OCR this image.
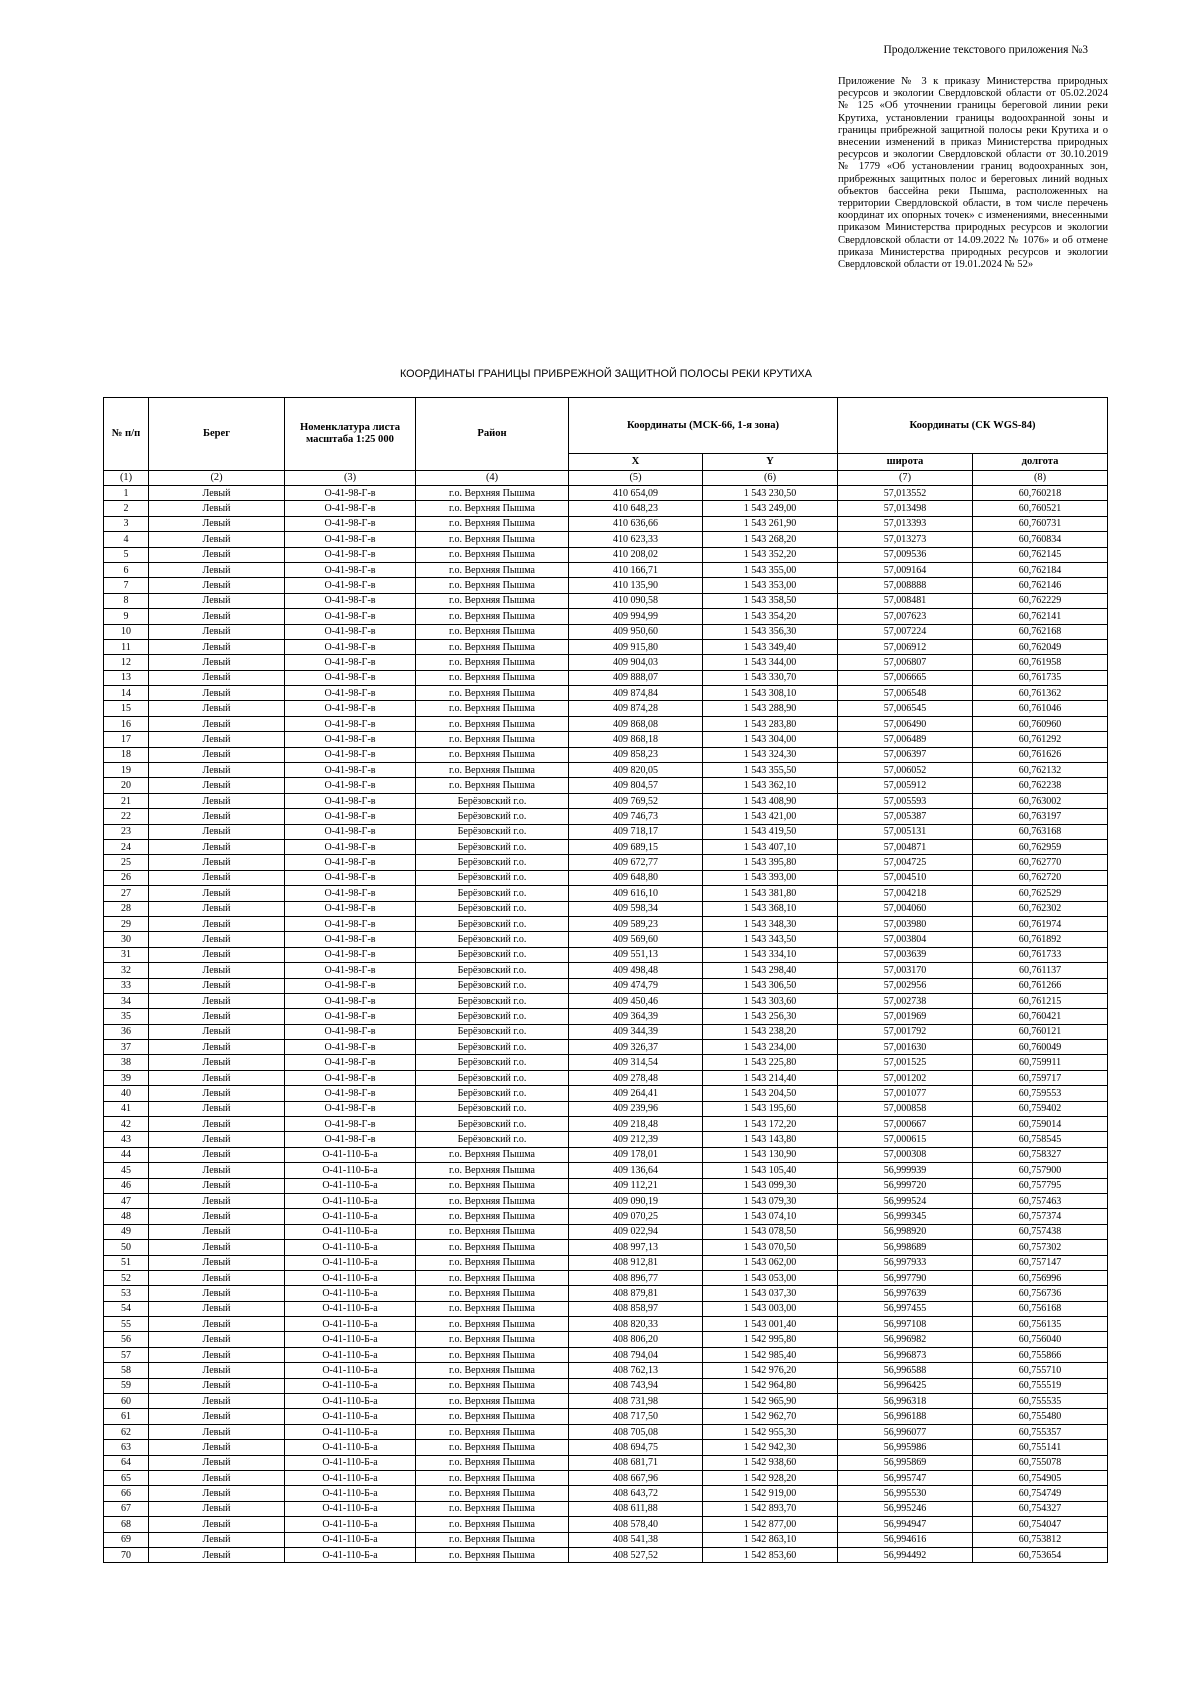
Продолжение текстового приложения №3
Приложение № 3 к приказу Министерства природных ресурсов и экологии Свердловской области от 05.02.2024 № 125 «Об уточнении границы береговой линии реки Крутиха, установлении границы водоохранной зоны и границы прибрежной защитной полосы реки Крутиха и о внесении изменений в приказ Министерства природных ресурсов и экологии Свердловской области от 30.10.2019 № 1779 «Об установлении границ водоохранных зон, прибрежных защитных полос и береговых линий водных объектов бассейна реки Пышма, расположенных на территории Свердловской области, в том числе перечень координат их опорных точек» с изменениями, внесенными приказом Министерства природных ресурсов и экологии Свердловской области от 14.09.2022 № 1076» и об отмене приказа Министерства природных ресурсов и экологии Свердловской области от 19.01.2024 № 52»
КООРДИНАТЫ ГРАНИЦЫ ПРИБРЕЖНОЙ ЗАЩИТНОЙ ПОЛОСЫ РЕКИ КРУТИХА
№ п/п	Берег	Номенклатура листа масштаба 1:25 000	Район	Координаты (МСК-66, 1-я зона)		Координаты (СК WGS-84)	
				X	Y	широта	долгота
(1)	(2)	(3)	(4)	(5)	(6)	(7)	(8)
1	Левый	О-41-98-Г-в	г.о. Верхняя Пышма	410 654,09	1 543 230,50	57,013552	60,760218
2	Левый	О-41-98-Г-в	г.о. Верхняя Пышма	410 648,23	1 543 249,00	57,013498	60,760521
3	Левый	О-41-98-Г-в	г.о. Верхняя Пышма	410 636,66	1 543 261,90	57,013393	60,760731
4	Левый	О-41-98-Г-в	г.о. Верхняя Пышма	410 623,33	1 543 268,20	57,013273	60,760834
5	Левый	О-41-98-Г-в	г.о. Верхняя Пышма	410 208,02	1 543 352,20	57,009536	60,762145
6	Левый	О-41-98-Г-в	г.о. Верхняя Пышма	410 166,71	1 543 355,00	57,009164	60,762184
7	Левый	О-41-98-Г-в	г.о. Верхняя Пышма	410 135,90	1 543 353,00	57,008888	60,762146
8	Левый	О-41-98-Г-в	г.о. Верхняя Пышма	410 090,58	1 543 358,50	57,008481	60,762229
9	Левый	О-41-98-Г-в	г.о. Верхняя Пышма	409 994,99	1 543 354,20	57,007623	60,762141
10	Левый	О-41-98-Г-в	г.о. Верхняя Пышма	409 950,60	1 543 356,30	57,007224	60,762168
11	Левый	О-41-98-Г-в	г.о. Верхняя Пышма	409 915,80	1 543 349,40	57,006912	60,762049
12	Левый	О-41-98-Г-в	г.о. Верхняя Пышма	409 904,03	1 543 344,00	57,006807	60,761958
13	Левый	О-41-98-Г-в	г.о. Верхняя Пышма	409 888,07	1 543 330,70	57,006665	60,761735
14	Левый	О-41-98-Г-в	г.о. Верхняя Пышма	409 874,84	1 543 308,10	57,006548	60,761362
15	Левый	О-41-98-Г-в	г.о. Верхняя Пышма	409 874,28	1 543 288,90	57,006545	60,761046
16	Левый	О-41-98-Г-в	г.о. Верхняя Пышма	409 868,08	1 543 283,80	57,006490	60,760960
17	Левый	О-41-98-Г-в	г.о. Верхняя Пышма	409 868,18	1 543 304,00	57,006489	60,761292
18	Левый	О-41-98-Г-в	г.о. Верхняя Пышма	409 858,23	1 543 324,30	57,006397	60,761626
19	Левый	О-41-98-Г-в	г.о. Верхняя Пышма	409 820,05	1 543 355,50	57,006052	60,762132
20	Левый	О-41-98-Г-в	г.о. Верхняя Пышма	409 804,57	1 543 362,10	57,005912	60,762238
21	Левый	О-41-98-Г-в	Берёзовский г.о.	409 769,52	1 543 408,90	57,005593	60,763002
22	Левый	О-41-98-Г-в	Берёзовский г.о.	409 746,73	1 543 421,00	57,005387	60,763197
23	Левый	О-41-98-Г-в	Берёзовский г.о.	409 718,17	1 543 419,50	57,005131	60,763168
24	Левый	О-41-98-Г-в	Берёзовский г.о.	409 689,15	1 543 407,10	57,004871	60,762959
25	Левый	О-41-98-Г-в	Берёзовский г.о.	409 672,77	1 543 395,80	57,004725	60,762770
26	Левый	О-41-98-Г-в	Берёзовский г.о.	409 648,80	1 543 393,00	57,004510	60,762720
27	Левый	О-41-98-Г-в	Берёзовский г.о.	409 616,10	1 543 381,80	57,004218	60,762529
28	Левый	О-41-98-Г-в	Берёзовский г.о.	409 598,34	1 543 368,10	57,004060	60,762302
29	Левый	О-41-98-Г-в	Берёзовский г.о.	409 589,23	1 543 348,30	57,003980	60,761974
30	Левый	О-41-98-Г-в	Берёзовский г.о.	409 569,60	1 543 343,50	57,003804	60,761892
31	Левый	О-41-98-Г-в	Берёзовский г.о.	409 551,13	1 543 334,10	57,003639	60,761733
32	Левый	О-41-98-Г-в	Берёзовский г.о.	409 498,48	1 543 298,40	57,003170	60,761137
33	Левый	О-41-98-Г-в	Берёзовский г.о.	409 474,79	1 543 306,50	57,002956	60,761266
34	Левый	О-41-98-Г-в	Берёзовский г.о.	409 450,46	1 543 303,60	57,002738	60,761215
35	Левый	О-41-98-Г-в	Берёзовский г.о.	409 364,39	1 543 256,30	57,001969	60,760421
36	Левый	О-41-98-Г-в	Берёзовский г.о.	409 344,39	1 543 238,20	57,001792	60,760121
37	Левый	О-41-98-Г-в	Берёзовский г.о.	409 326,37	1 543 234,00	57,001630	60,760049
38	Левый	О-41-98-Г-в	Берёзовский г.о.	409 314,54	1 543 225,80	57,001525	60,759911
39	Левый	О-41-98-Г-в	Берёзовский г.о.	409 278,48	1 543 214,40	57,001202	60,759717
40	Левый	О-41-98-Г-в	Берёзовский г.о.	409 264,41	1 543 204,50	57,001077	60,759553
41	Левый	О-41-98-Г-в	Берёзовский г.о.	409 239,96	1 543 195,60	57,000858	60,759402
42	Левый	О-41-98-Г-в	Берёзовский г.о.	409 218,48	1 543 172,20	57,000667	60,759014
43	Левый	О-41-98-Г-в	Берёзовский г.о.	409 212,39	1 543 143,80	57,000615	60,758545
44	Левый	О-41-110-Б-а	г.о. Верхняя Пышма	409 178,01	1 543 130,90	57,000308	60,758327
45	Левый	О-41-110-Б-а	г.о. Верхняя Пышма	409 136,64	1 543 105,40	56,999939	60,757900
46	Левый	О-41-110-Б-а	г.о. Верхняя Пышма	409 112,21	1 543 099,30	56,999720	60,757795
47	Левый	О-41-110-Б-а	г.о. Верхняя Пышма	409 090,19	1 543 079,30	56,999524	60,757463
48	Левый	О-41-110-Б-а	г.о. Верхняя Пышма	409 070,25	1 543 074,10	56,999345	60,757374
49	Левый	О-41-110-Б-а	г.о. Верхняя Пышма	409 022,94	1 543 078,50	56,998920	60,757438
50	Левый	О-41-110-Б-а	г.о. Верхняя Пышма	408 997,13	1 543 070,50	56,998689	60,757302
51	Левый	О-41-110-Б-а	г.о. Верхняя Пышма	408 912,81	1 543 062,00	56,997933	60,757147
52	Левый	О-41-110-Б-а	г.о. Верхняя Пышма	408 896,77	1 543 053,00	56,997790	60,756996
53	Левый	О-41-110-Б-а	г.о. Верхняя Пышма	408 879,81	1 543 037,30	56,997639	60,756736
54	Левый	О-41-110-Б-а	г.о. Верхняя Пышма	408 858,97	1 543 003,00	56,997455	60,756168
55	Левый	О-41-110-Б-а	г.о. Верхняя Пышма	408 820,33	1 543 001,40	56,997108	60,756135
56	Левый	О-41-110-Б-а	г.о. Верхняя Пышма	408 806,20	1 542 995,80	56,996982	60,756040
57	Левый	О-41-110-Б-а	г.о. Верхняя Пышма	408 794,04	1 542 985,40	56,996873	60,755866
58	Левый	О-41-110-Б-а	г.о. Верхняя Пышма	408 762,13	1 542 976,20	56,996588	60,755710
59	Левый	О-41-110-Б-а	г.о. Верхняя Пышма	408 743,94	1 542 964,80	56,996425	60,755519
60	Левый	О-41-110-Б-а	г.о. Верхняя Пышма	408 731,98	1 542 965,90	56,996318	60,755535
61	Левый	О-41-110-Б-а	г.о. Верхняя Пышма	408 717,50	1 542 962,70	56,996188	60,755480
62	Левый	О-41-110-Б-а	г.о. Верхняя Пышма	408 705,08	1 542 955,30	56,996077	60,755357
63	Левый	О-41-110-Б-а	г.о. Верхняя Пышма	408 694,75	1 542 942,30	56,995986	60,755141
64	Левый	О-41-110-Б-а	г.о. Верхняя Пышма	408 681,71	1 542 938,60	56,995869	60,755078
65	Левый	О-41-110-Б-а	г.о. Верхняя Пышма	408 667,96	1 542 928,20	56,995747	60,754905
66	Левый	О-41-110-Б-а	г.о. Верхняя Пышма	408 643,72	1 542 919,00	56,995530	60,754749
67	Левый	О-41-110-Б-а	г.о. Верхняя Пышма	408 611,88	1 542 893,70	56,995246	60,754327
68	Левый	О-41-110-Б-а	г.о. Верхняя Пышма	408 578,40	1 542 877,00	56,994947	60,754047
69	Левый	О-41-110-Б-а	г.о. Верхняя Пышма	408 541,38	1 542 863,10	56,994616	60,753812
70	Левый	О-41-110-Б-а	г.о. Верхняя Пышма	408 527,52	1 542 853,60	56,994492	60,753654
